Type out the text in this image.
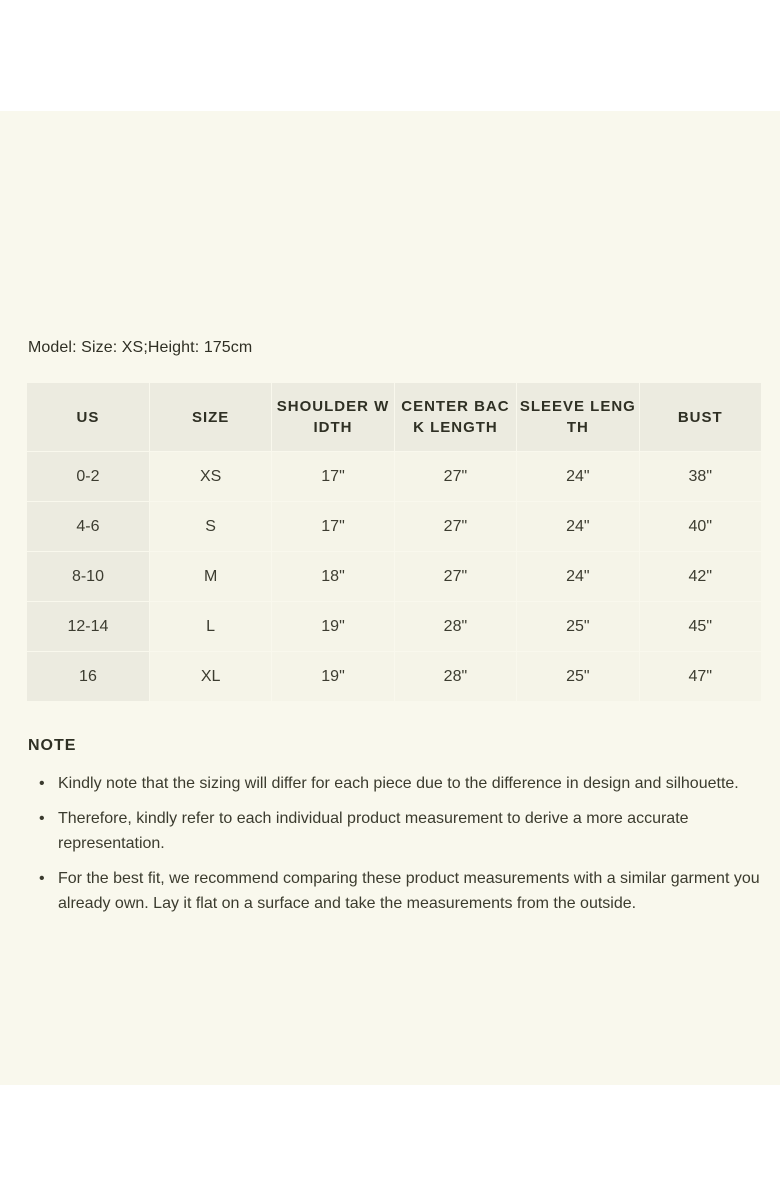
Model: Size: XS;Height: 175cm
US	SIZE	SHOULDER WIDTH	CENTER BACK LENGTH	SLEEVE LENGTH	BUST
0-2	XS	17"	27"	24"	38"
4-6	S	17"	27"	24"	40"
8-10	M	18"	27"	24"	42"
12-14	L	19"	28"	25"	45"
16	XL	19"	28"	25"	47"
NOTE
• Kindly note that the sizing will differ for each piece due to the difference in design and silhouette.
• Therefore, kindly refer to each individual product measurement to derive a more accurate representation.
• For the best fit, we recommend comparing these product measurements with a similar garment you already own. Lay it flat on a surface and take the measurements from the outside.
